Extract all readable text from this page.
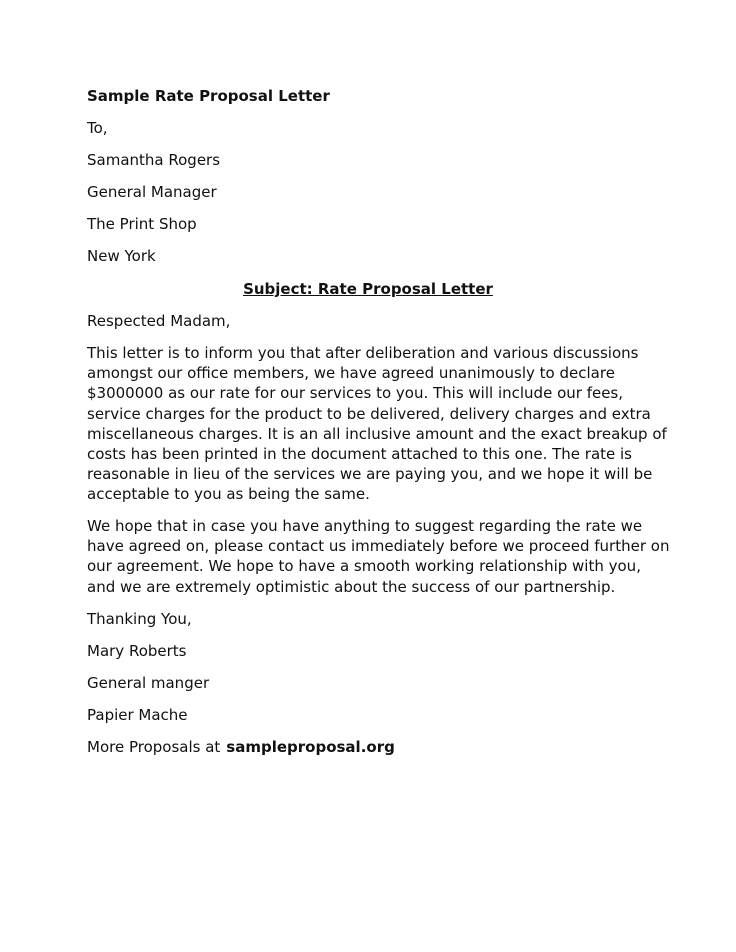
Sample Rate Proposal Letter
To,
Samantha Rogers
General Manager
The Print Shop
New York
Subject: Rate Proposal Letter
Respected Madam,
This letter is to inform you that after deliberation and various discussions
amongst our office members, we have agreed unanimously to declare
$3000000 as our rate for our services to you. This will include our fees,
service charges for the product to be delivered, delivery charges and extra
miscellaneous charges. It is an all inclusive amount and the exact breakup of
costs has been printed in the document attached to this one. The rate is
reasonable in lieu of the services we are paying you, and we hope it will be
acceptable to you as being the same.
We hope that in case you have anything to suggest regarding the rate we
have agreed on, please contact us immediately before we proceed further on
our agreement. We hope to have a smooth working relationship with you,
and we are extremely optimistic about the success of our partnership.
Thanking You,
Mary Roberts
General manger
Papier Mache
More Proposals at sampleproposal.org
